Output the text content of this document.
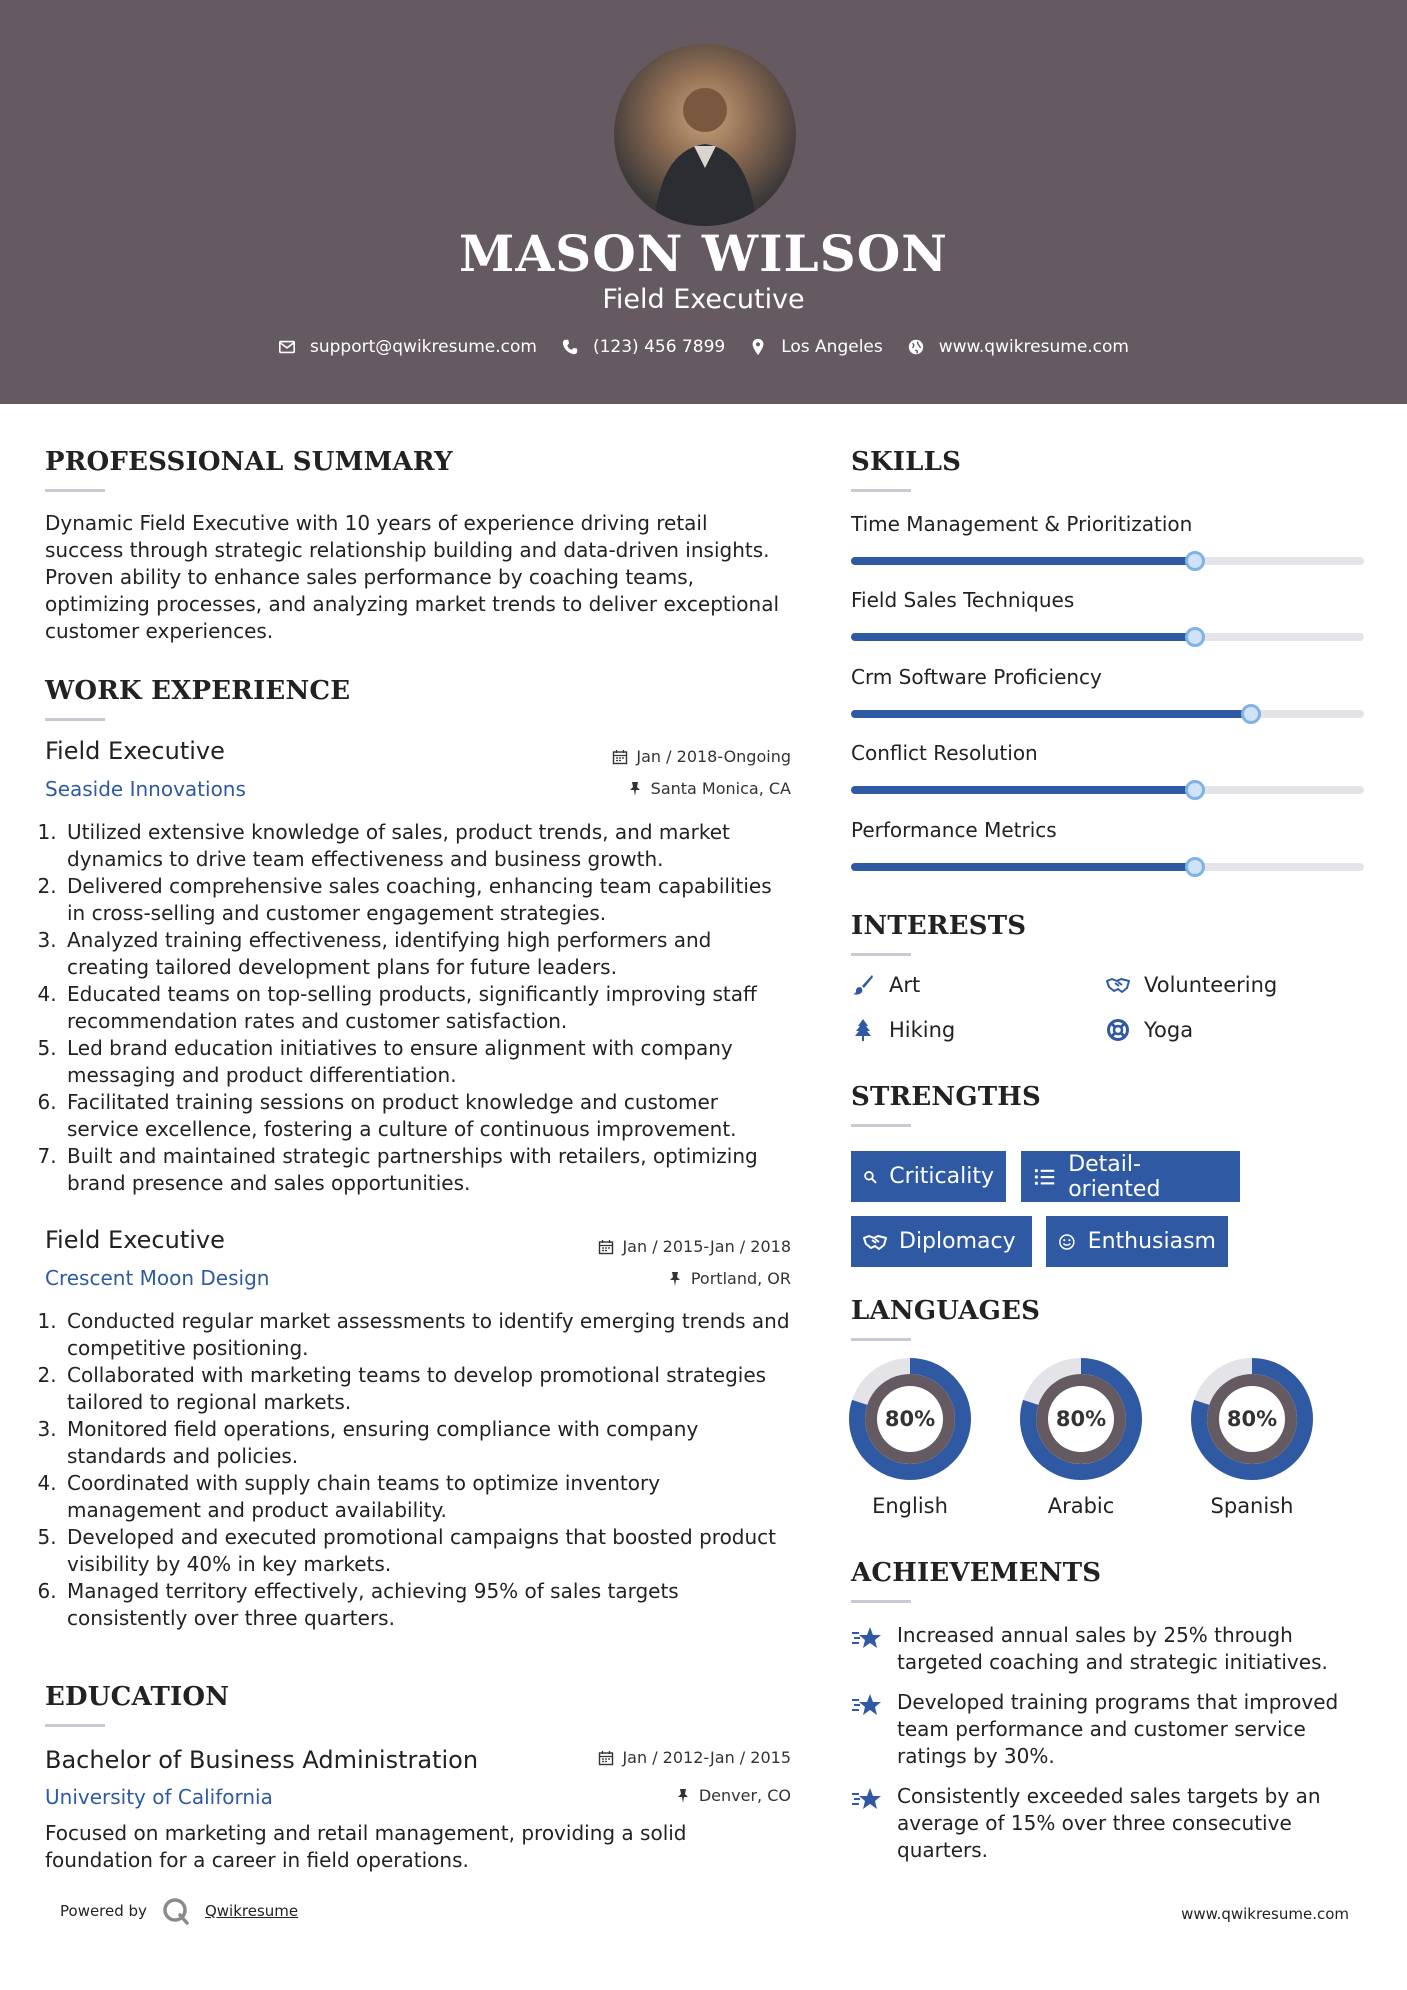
MASON WILSON
Field Executive
support@qwikresume.com	(123) 456 7899	Los Angeles	www.qwikresume.com
PROFESSIONAL SUMMARY
Dynamic Field Executive with 10 years of experience driving retail success through strategic relationship building and data-driven insights. Proven ability to enhance sales performance by coaching teams, optimizing processes, and analyzing market trends to deliver exceptional customer experiences.
WORK EXPERIENCE
Field Executive	Jan / 2018-Ongoing
Seaside Innovations	Santa Monica, CA
1. Utilized extensive knowledge of sales, product trends, and market dynamics to drive team effectiveness and business growth.
2. Delivered comprehensive sales coaching, enhancing team capabilities in cross-selling and customer engagement strategies.
3. Analyzed training effectiveness, identifying high performers and creating tailored development plans for future leaders.
4. Educated teams on top-selling products, significantly improving staff recommendation rates and customer satisfaction.
5. Led brand education initiatives to ensure alignment with company messaging and product differentiation.
6. Facilitated training sessions on product knowledge and customer service excellence, fostering a culture of continuous improvement.
7. Built and maintained strategic partnerships with retailers, optimizing brand presence and sales opportunities.
Field Executive	Jan / 2015-Jan / 2018
Crescent Moon Design	Portland, OR
1. Conducted regular market assessments to identify emerging trends and competitive positioning.
2. Collaborated with marketing teams to develop promotional strategies tailored to regional markets.
3. Monitored field operations, ensuring compliance with company standards and policies.
4. Coordinated with supply chain teams to optimize inventory management and product availability.
5. Developed and executed promotional campaigns that boosted product visibility by 40% in key markets.
6. Managed territory effectively, achieving 95% of sales targets consistently over three quarters.
EDUCATION
Bachelor of Business Administration	Jan / 2012-Jan / 2015
University of California	Denver, CO
Focused on marketing and retail management, providing a solid foundation for a career in field operations.
SKILLS
Time Management & Prioritization
Field Sales Techniques
Crm Software Proficiency
Conflict Resolution
Performance Metrics
INTERESTS
Art	Volunteering
Hiking	Yoga
STRENGTHS
Criticality	Detail-oriented
Diplomacy	Enthusiasm
LANGUAGES
80%
English
80%
Arabic
80%
Spanish
ACHIEVEMENTS
Increased annual sales by 25% through targeted coaching and strategic initiatives.
Developed training programs that improved team performance and customer service ratings by 30%.
Consistently exceeded sales targets by an average of 15% over three consecutive quarters.
Powered by	Qwikresume	www.qwikresume.com
